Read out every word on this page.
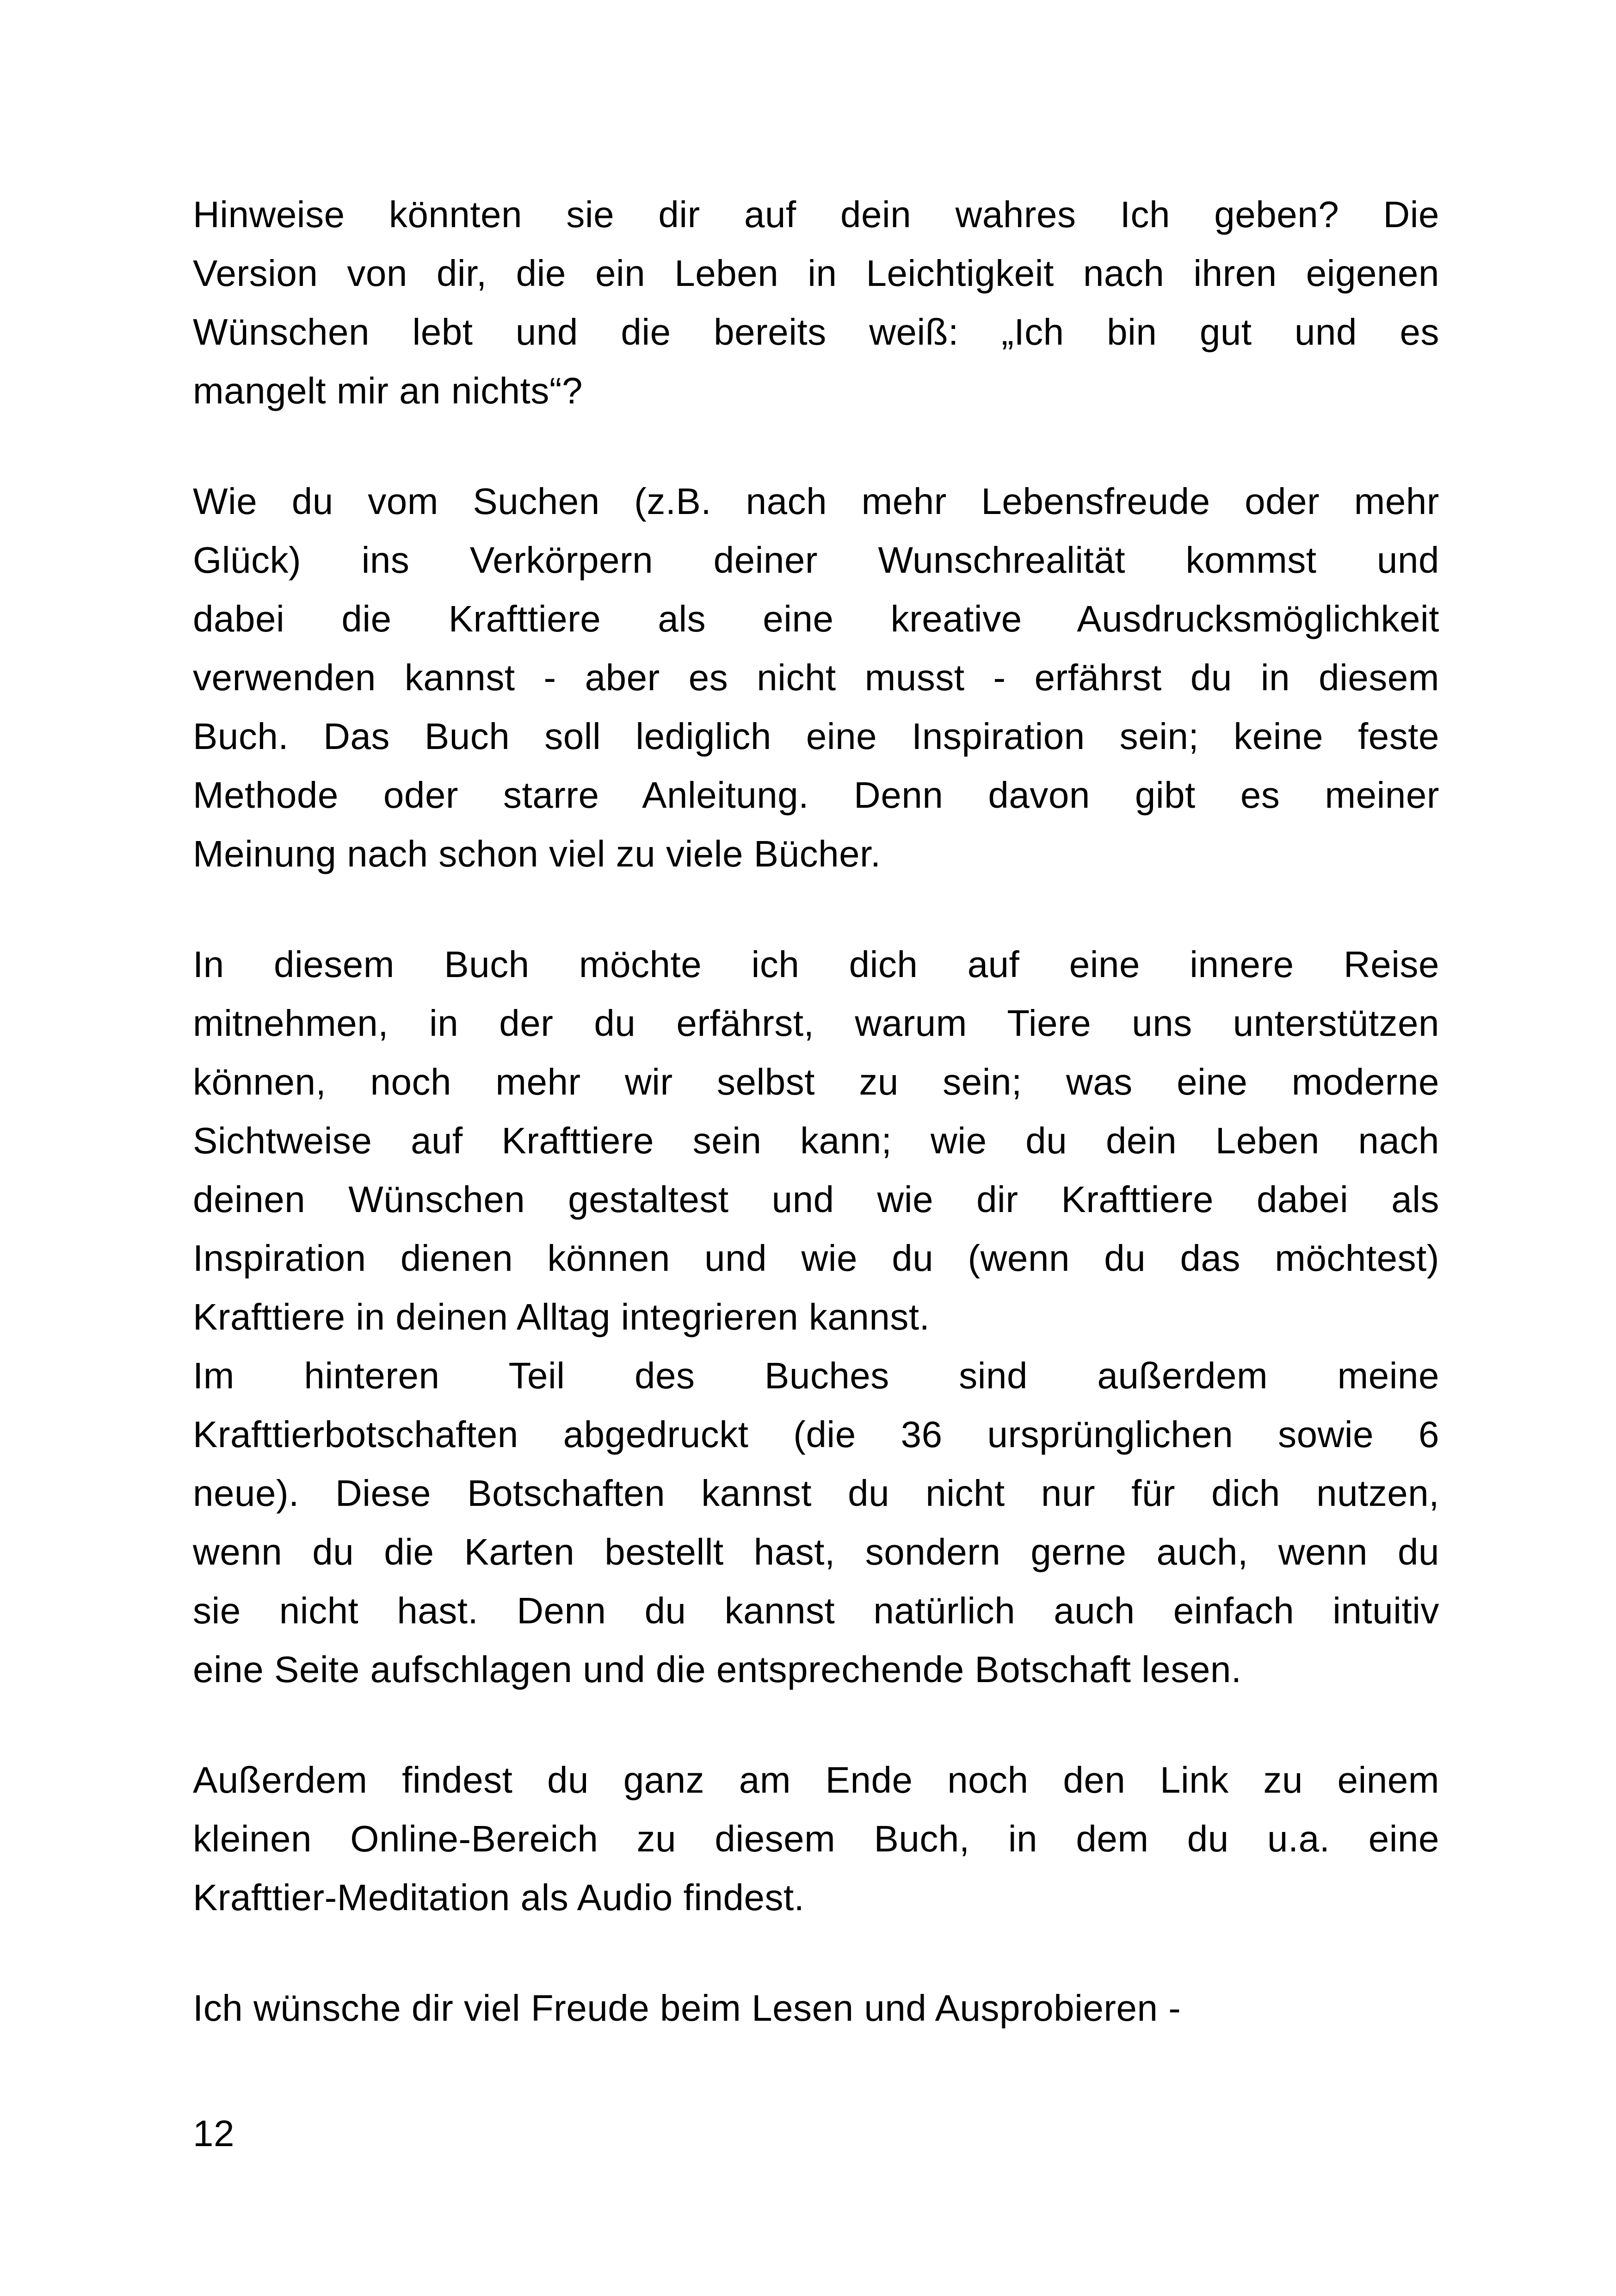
Hinweise könnten sie dir auf dein wahres Ich geben? Die
Version von dir, die ein Leben in Leichtigkeit nach ihren eigenen
Wünschen lebt und die bereits weiß: „Ich bin gut und es
mangelt mir an nichts“?
Wie du vom Suchen (z.B. nach mehr Lebensfreude oder mehr
Glück) ins Verkörpern deiner Wunschrealität kommst und
dabei die Krafttiere als eine kreative Ausdrucksmöglichkeit
verwenden kannst - aber es nicht musst - erfährst du in diesem
Buch. Das Buch soll lediglich eine Inspiration sein; keine feste
Methode oder starre Anleitung. Denn davon gibt es meiner
Meinung nach schon viel zu viele Bücher.
In diesem Buch möchte ich dich auf eine innere Reise
mitnehmen, in der du erfährst, warum Tiere uns unterstützen
können, noch mehr wir selbst zu sein; was eine moderne
Sichtweise auf Krafttiere sein kann; wie du dein Leben nach
deinen Wünschen gestaltest und wie dir Krafttiere dabei als
Inspiration dienen können und wie du (wenn du das möchtest)
Krafttiere in deinen Alltag integrieren kannst.
Im hinteren Teil des Buches sind außerdem meine
Krafttierbotschaften abgedruckt (die 36 ursprünglichen sowie 6
neue). Diese Botschaften kannst du nicht nur für dich nutzen,
wenn du die Karten bestellt hast, sondern gerne auch, wenn du
sie nicht hast. Denn du kannst natürlich auch einfach intuitiv
eine Seite aufschlagen und die entsprechende Botschaft lesen.
Außerdem findest du ganz am Ende noch den Link zu einem
kleinen Online-Bereich zu diesem Buch, in dem du u.a. eine
Krafttier-Meditation als Audio findest.
Ich wünsche dir viel Freude beim Lesen und Ausprobieren -
12
